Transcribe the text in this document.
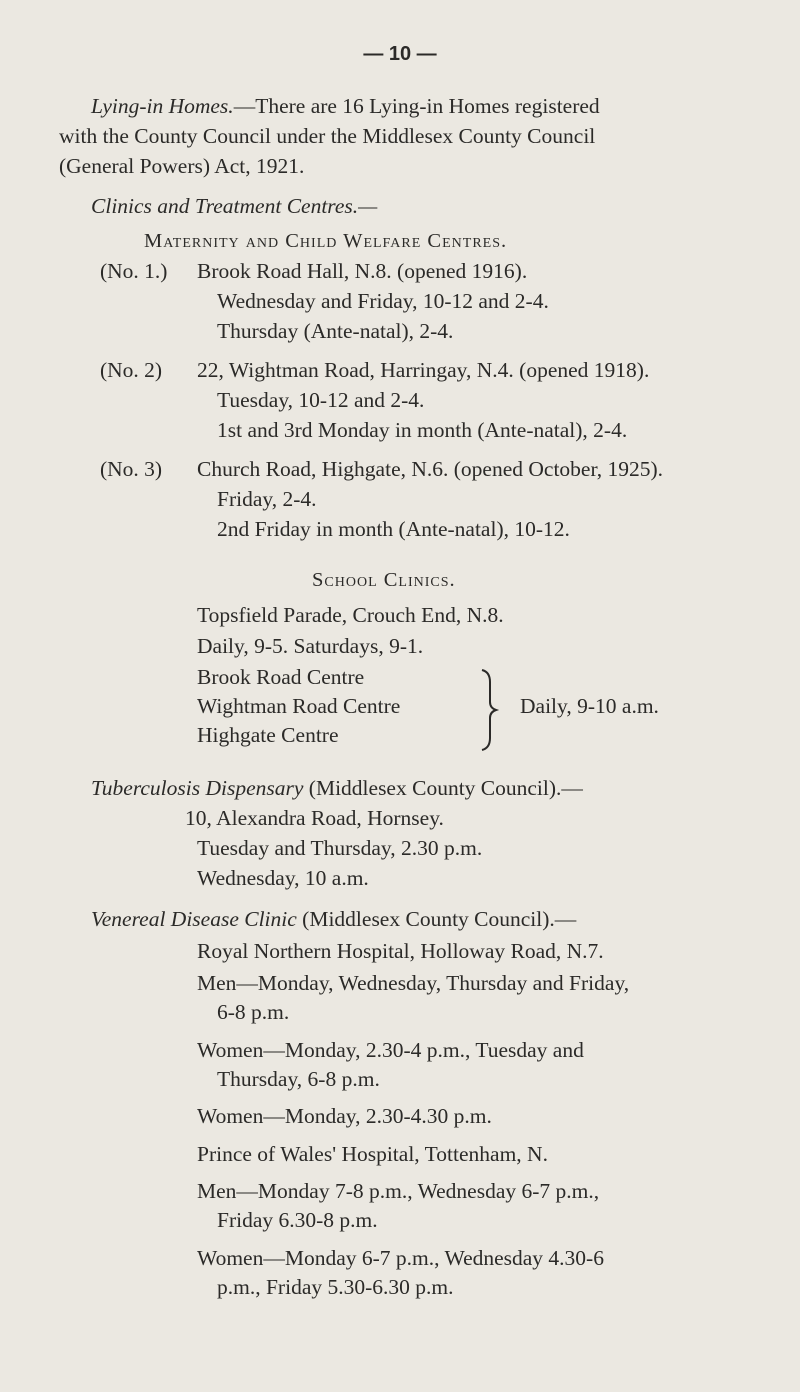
— 10 —
Lying-in Homes.—There are 16 Lying-in Homes registered
with the County Council under the Middlesex County Council
(General Powers) Act, 1921.
Clinics and Treatment Centres.—
Maternity and Child Welfare Centres.
(No. 1.) Brook Road Hall, N.8. (opened 1916).
Wednesday and Friday, 10-12 and 2-4.
Thursday (Ante-natal), 2-4.
(No. 2) 22, Wightman Road, Harringay, N.4. (opened 1918).
Tuesday, 10-12 and 2-4.
1st and 3rd Monday in month (Ante-natal), 2-4.
(No. 3) Church Road, Highgate, N.6. (opened October, 1925).
Friday, 2-4.
2nd Friday in month (Ante-natal), 10-12.
School Clinics.
Topsfield Parade, Crouch End, N.8.
Daily, 9-5. Saturdays, 9-1.
Brook Road Centre
Wightman Road Centre
Highgate Centre
Daily, 9-10 a.m.
Tuberculosis Dispensary (Middlesex County Council).—
10, Alexandra Road, Hornsey.
Tuesday and Thursday, 2.30 p.m.
Wednesday, 10 a.m.
Venereal Disease Clinic (Middlesex County Council).—
Royal Northern Hospital, Holloway Road, N.7.
Men—Monday, Wednesday, Thursday and Friday,
6-8 p.m.
Women—Monday, 2.30-4 p.m., Tuesday and
Thursday, 6-8 p.m.
Women—Monday, 2.30-4.30 p.m.
Prince of Wales' Hospital, Tottenham, N.
Men—Monday 7-8 p.m., Wednesday 6-7 p.m.,
Friday 6.30-8 p.m.
Women—Monday 6-7 p.m., Wednesday 4.30-6
p.m., Friday 5.30-6.30 p.m.
